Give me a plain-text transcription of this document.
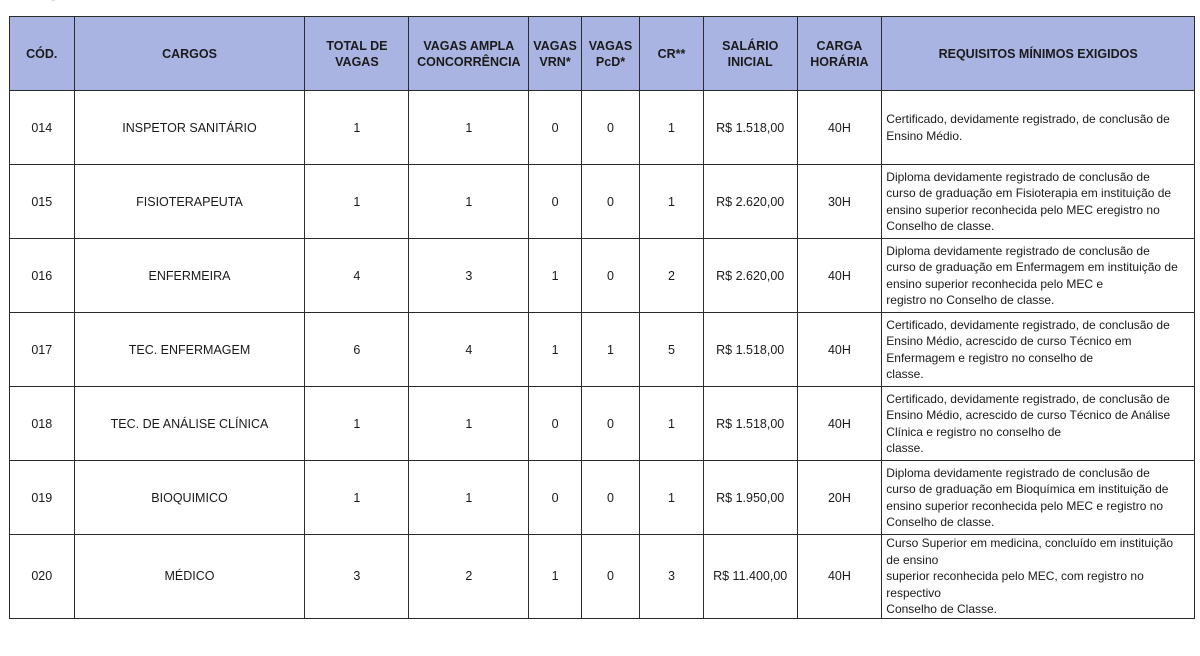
CÓD.	CARGOS	TOTAL DE VAGAS	VAGAS AMPLA CONCORRÊNCIA	VAGAS VRN*	VAGAS PcD*	CR**	SALÁRIO INICIAL	CARGA HORÁRIA	REQUISITOS MÍNIMOS EXIGIDOS
014	INSPETOR SANITÁRIO	1	1	0	0	1	R$ 1.518,00	40H	Certificado, devidamente registrado, de conclusão de
Ensino Médio.
015	FISIOTERAPEUTA	1	1	0	0	1	R$ 2.620,00	30H	Diploma devidamente registrado de conclusão de
curso de graduação em Fisioterapia em instituição de
ensino superior reconhecida pelo MEC eregistro no
Conselho de classe.
016	ENFERMEIRA	4	3	1	0	2	R$ 2.620,00	40H	Diploma devidamente registrado de conclusão de
curso de graduação em Enfermagem em instituição de
ensino superior reconhecida pelo MEC e
registro no Conselho de classe.
017	TEC. ENFERMAGEM	6	4	1	1	5	R$ 1.518,00	40H	Certificado, devidamente registrado, de conclusão de
Ensino Médio, acrescido de curso Técnico em
Enfermagem e registro no conselho de
classe.
018	TEC. DE ANÁLISE CLÍNICA	1	1	0	0	1	R$ 1.518,00	40H	Certificado, devidamente registrado, de conclusão de
Ensino Médio, acrescido de curso Técnico de Análise
Clínica e registro no conselho de
classe.
019	BIOQUIMICO	1	1	0	0	1	R$ 1.950,00	20H	Diploma devidamente registrado de conclusão de
curso de graduação em Bioquímica em instituição de
ensino superior reconhecida pelo MEC e registro no
Conselho de classe.
020	MÉDICO	3	2	1	0	3	R$ 11.400,00	40H	Curso Superior em medicina, concluído em instituição
de ensino
superior reconhecida pelo MEC, com registro no
respectivo
Conselho de Classe.
